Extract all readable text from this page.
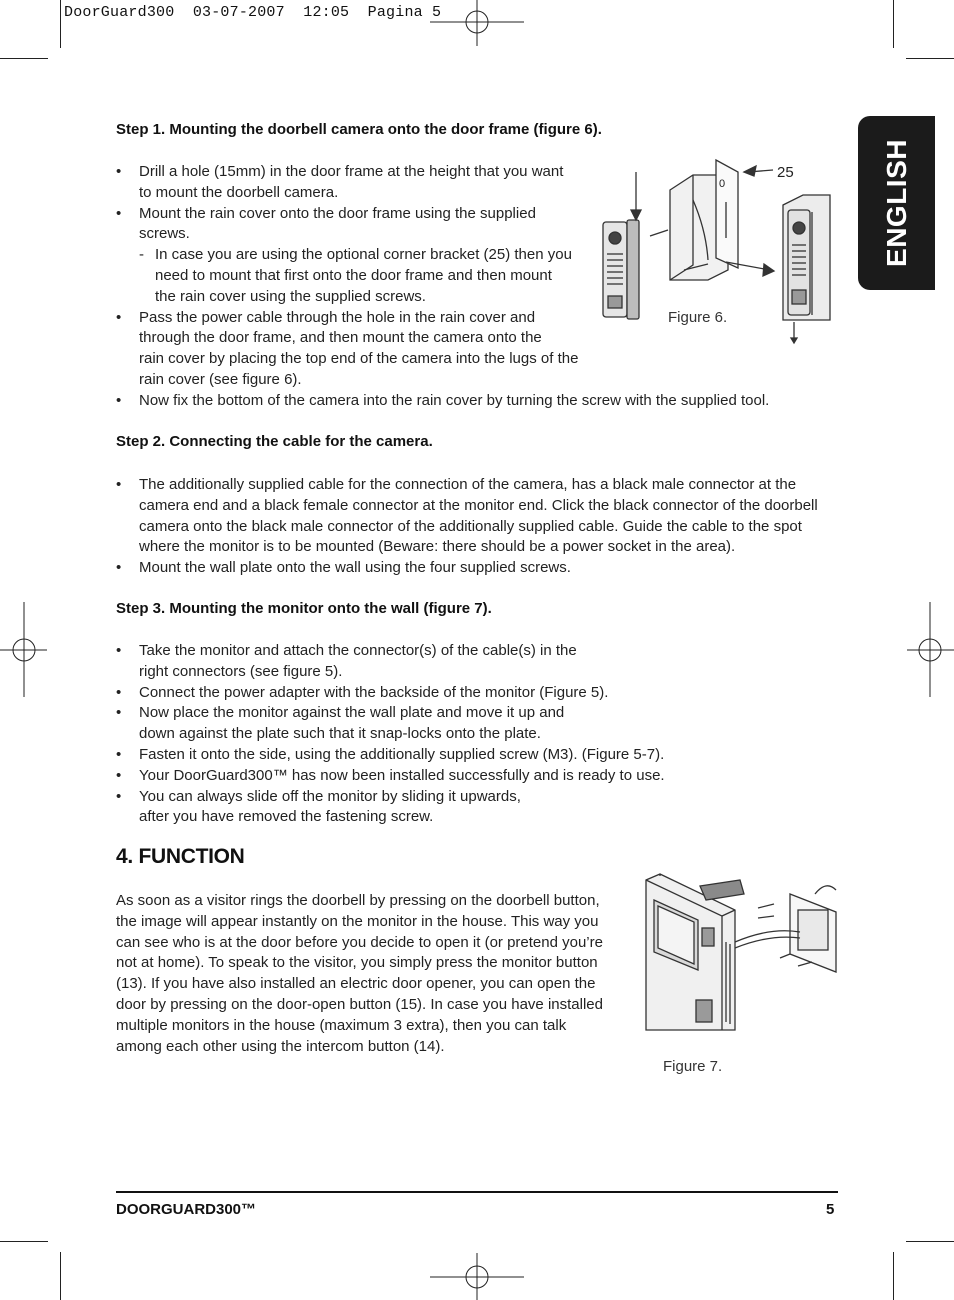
DoorGuard300  03-07-2007  12:05  Pagina 5
ENGLISH
Step 1. Mounting the doorbell camera onto the door frame (figure 6).
• Drill a hole (15mm) in the door frame at the height that you want
to mount the doorbell camera.
• Mount the rain cover onto the door frame using the supplied
screws.
- In case you are using the optional corner bracket (25) then you
need to mount that first onto the door frame and then mount
the rain cover using the supplied screws.
• Pass the power cable through the hole in the rain cover and
through the door frame, and then mount the camera onto the
rain cover by placing the top end of the camera into the lugs of the
rain cover (see figure 6).
• Now fix the bottom of the camera into the rain cover by turning the screw with the supplied tool.
0
25
Figure 6.
Step 2. Connecting the cable for the camera.
• The additionally supplied cable for the connection of the camera, has a black male connector at the
camera end and a black female connector at the monitor end. Click the black connector of the doorbell
camera onto the black male connector of the additionally supplied cable. Guide the cable to the spot
where the monitor is to be mounted (Beware: there should be a power socket in the area).
• Mount the wall plate onto the wall using the four supplied screws.
Step 3. Mounting the monitor onto the wall (figure 7).
• Take the monitor and attach the connector(s) of the cable(s) in the
right connectors (see figure 5).
• Connect the power adapter with the backside of the monitor (Figure 5).
• Now place the monitor against the wall plate and move it up and
down against the plate such that it snap-locks onto the plate.
• Fasten it onto the side, using the additionally supplied screw (M3). (Figure 5-7).
• Your DoorGuard300™ has now been installed successfully and is ready to use.
• You can always slide off the monitor by sliding it upwards,
after you have removed the fastening screw.
4. FUNCTION
As soon as a visitor rings the doorbell by pressing on the doorbell button,
the image will appear instantly on the monitor in the house. This way you
can see who is at the door before you decide to open it (or pretend you’re
not at home). To speak to the visitor, you simply press the monitor button
(13). If you have also installed an electric door opener, you can open the
door by pressing on the door-open button (15). In case you have installed
multiple monitors in the house (maximum 3 extra), then you can talk
among each other using the intercom button (14).
Figure 7.
DOORGUARD300™	5
